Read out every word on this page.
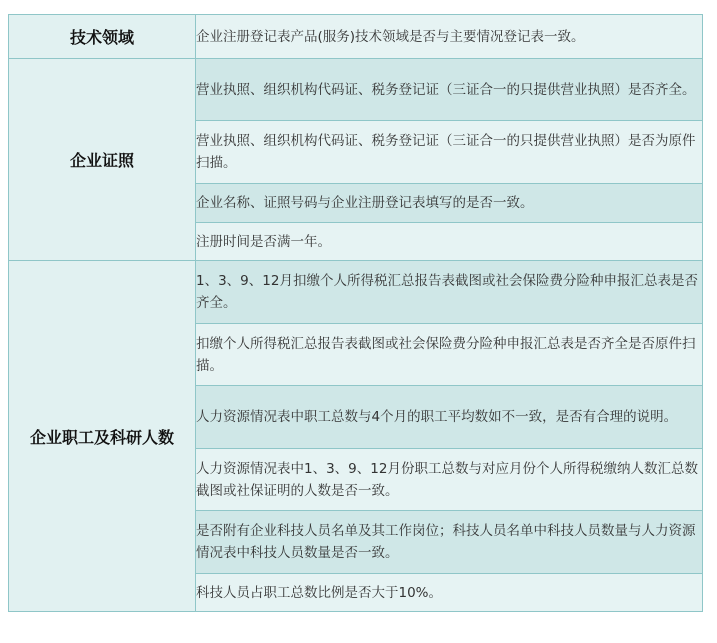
技术领域	企业注册登记表产品(服务)技术领域是否与主要情况登记表一致。
企业证照	营业执照、组织机构代码证、税务登记证（三证合一的只提供营业执照）是否齐全。
	营业执照、组织机构代码证、税务登记证（三证合一的只提供营业执照）是否为原件扫描。
	企业名称、证照号码与企业注册登记表填写的是否一致。
	注册时间是否满一年。
企业职工及科研人数	1、3、9、12月扣缴个人所得税汇总报告表截图或社会保险费分险种申报汇总表是否齐全。
	扣缴个人所得税汇总报告表截图或社会保险费分险种申报汇总表是否齐全是否原件扫描。
	人力资源情况表中职工总数与4个月的职工平均数如不一致，是否有合理的说明。
	人力资源情况表中1、3、9、12月份职工总数与对应月份个人所得税缴纳人数汇总数截图或社保证明的人数是否一致。
	是否附有企业科技人员名单及其工作岗位；科技人员名单中科技人员数量与人力资源情况表中科技人员数量是否一致。
	科技人员占职工总数比例是否大于10%。
